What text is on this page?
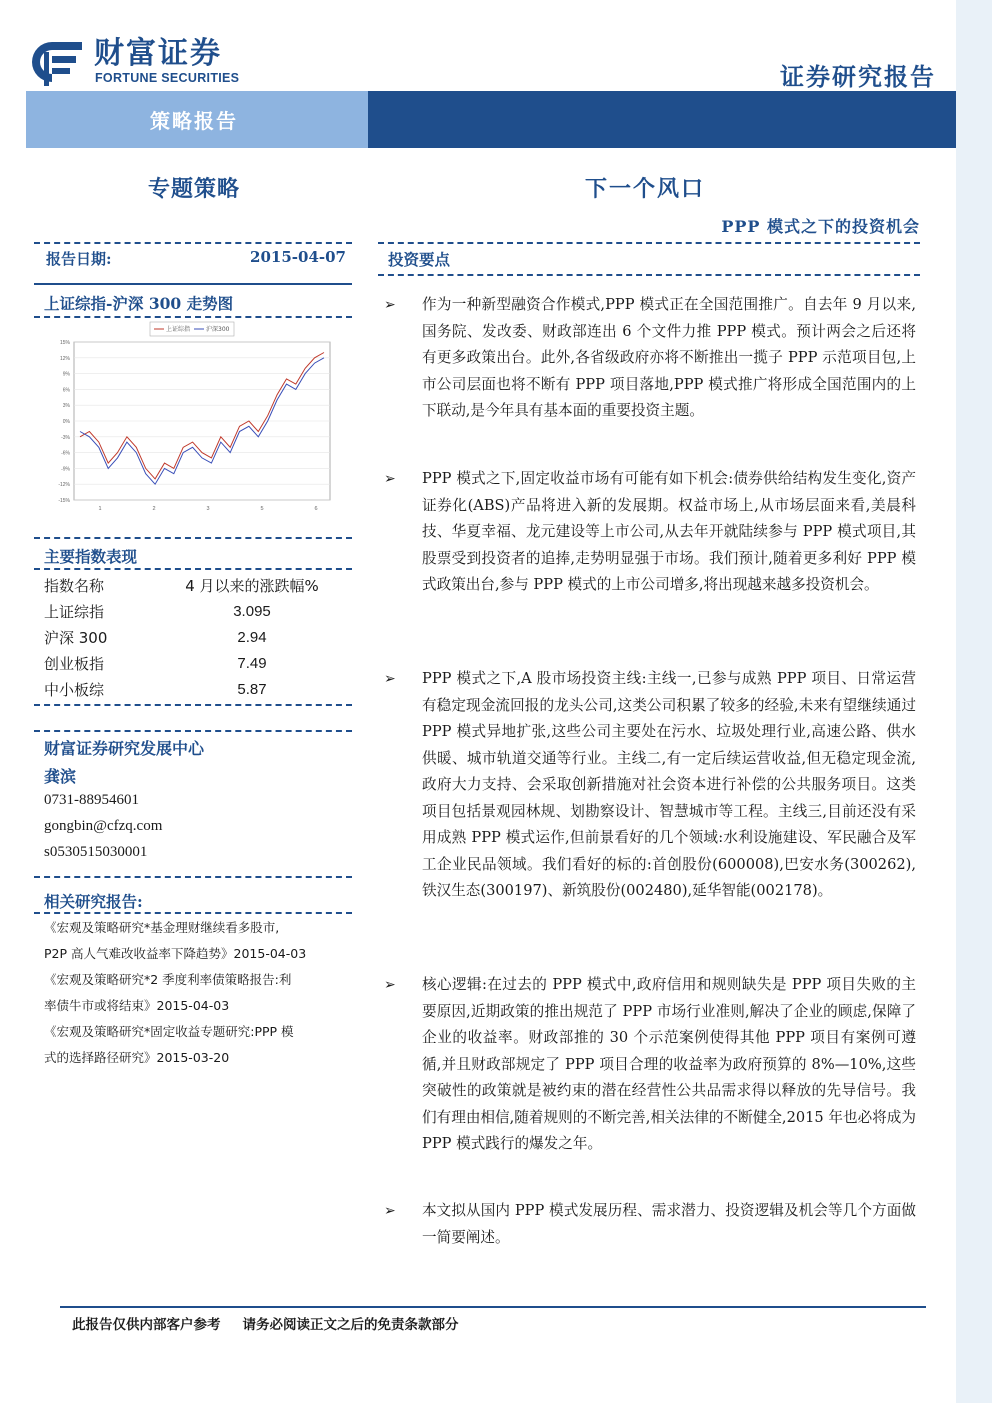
财富证券
FORTUNE SECURITIES	证券研究报告
策略报告
专题策略	下一个风口
PPP 模式之下的投资机会
报告日期:	2015-04-07
上证综指-沪深 300 走势图
15%
12%
9%
6%
3%
0%
-3%
-6%
-9%
-12%
-15%
1	2	3	5	6
上证综指	沪深300
主要指数表现
指数名称	4 月以来的涨跌幅%
上证综指	3.095
沪深 300	2.94
创业板指	7.49
中小板综	5.87
财富证券研究发展中心
龚滨
0731-88954601
gongbin@cfzq.com
s0530515030001
相关研究报告:
《宏观及策略研究*基金理财继续看多股市,
P2P 高人气难改收益率下降趋势》2015-04-03
《宏观及策略研究*2 季度利率债策略报告:利
率债牛市或将结束》2015-04-03
《宏观及策略研究*固定收益专题研究:PPP 模
式的选择路径研究》2015-03-20
投资要点
➢ 作为一种新型融资合作模式,PPP 模式正在全国范围推广。自去年 9 月以来,国务院、发改委、财政部连出 6 个文件力推 PPP 模式。预计两会之后还将有更多政策出台。此外,各省级政府亦将不断推出一揽子 PPP 示范项目包,上市公司层面也将不断有 PPP 项目落地,PPP 模式推广将形成全国范围内的上下联动,是今年具有基本面的重要投资主题。
➢ PPP 模式之下,固定收益市场有可能有如下机会:债券供给结构发生变化,资产证券化(ABS)产品将进入新的发展期。权益市场上,从市场层面来看,美晨科技、华夏幸福、龙元建设等上市公司,从去年开就陆续参与 PPP 模式项目,其股票受到投资者的追捧,走势明显强于市场。我们预计,随着更多利好 PPP 模式政策出台,参与 PPP 模式的上市公司增多,将出现越来越多投资机会。
➢ PPP 模式之下,A 股市场投资主线:主线一,已参与成熟 PPP 项目、日常运营有稳定现金流回报的龙头公司,这类公司积累了较多的经验,未来有望继续通过 PPP 模式异地扩张,这些公司主要处在污水、垃圾处理行业,高速公路、供水供暖、城市轨道交通等行业。主线二,有一定后续运营收益,但无稳定现金流,政府大力支持、会采取创新措施对社会资本进行补偿的公共服务项目。这类项目包括景观园林规、划勘察设计、智慧城市等工程。主线三,目前还没有采用成熟 PPP 模式运作,但前景看好的几个领域:水利设施建设、军民融合及军工企业民品领域。我们看好的标的:首创股份(600008),巴安水务(300262),铁汉生态(300197)、新筑股份(002480),延华智能(002178)。
➢ 核心逻辑:在过去的 PPP 模式中,政府信用和规则缺失是 PPP 项目失败的主要原因,近期政策的推出规范了 PPP 市场行业准则,解决了企业的顾虑,保障了企业的收益率。财政部推的 30 个示范案例使得其他 PPP 项目有案例可遵循,并且财政部规定了 PPP 项目合理的收益率为政府预算的 8%—10%,这些突破性的政策就是被约束的潜在经营性公共品需求得以释放的先导信号。我们有理由相信,随着规则的不断完善,相关法律的不断健全,2015 年也必将成为 PPP 模式践行的爆发之年。
➢ 本文拟从国内 PPP 模式发展历程、需求潜力、投资逻辑及机会等几个方面做一简要阐述。
此报告仅供内部客户参考 请务必阅读正文之后的免责条款部分
